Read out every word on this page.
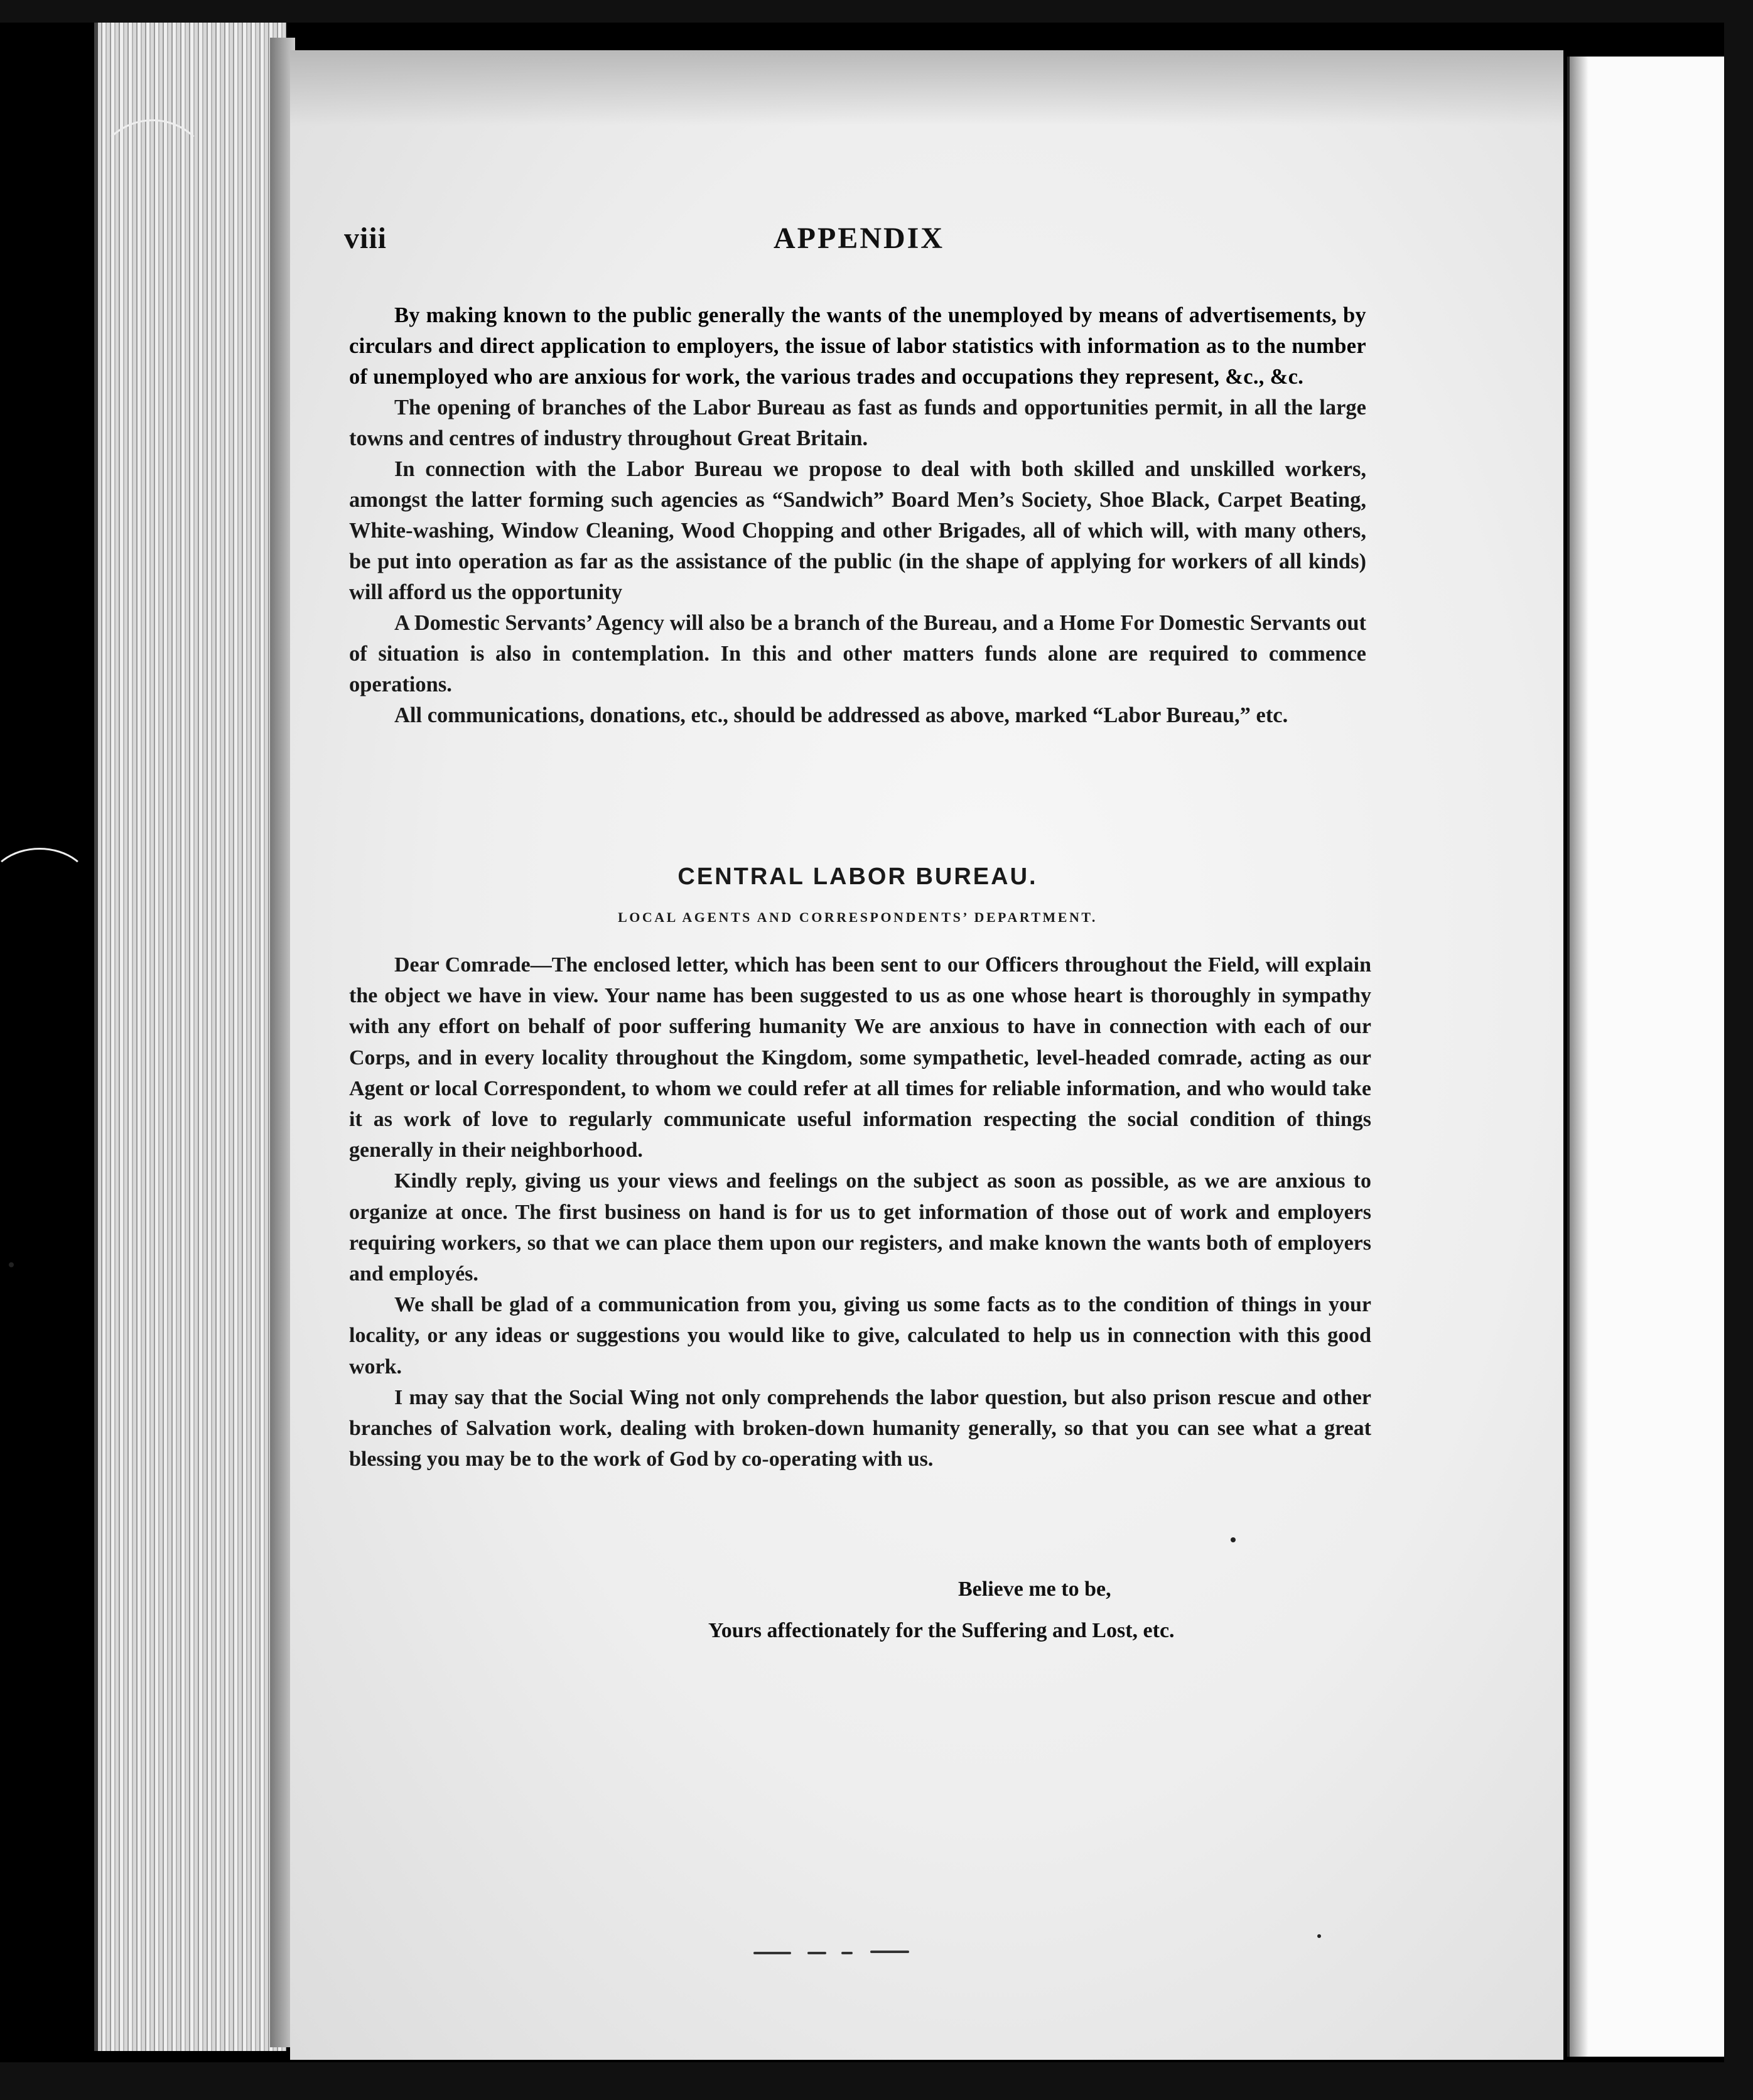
viii	APPENDIX

By making known to the public generally the wants of the unemployed by means of advertisements, by circulars and direct application to employers, the issue of labor statistics with information as to the number of unemployed who are anxious for work, the various trades and occupations they represent, &c., &c.

The opening of branches of the Labor Bureau as fast as funds and opportunities permit, in all the large towns and centres of industry throughout Great Britain.

In connection with the Labor Bureau we propose to deal with both skilled and unskilled workers, amongst the latter forming such agencies as “Sandwich” Board Men’s Society, Shoe Black, Carpet Beating, White-washing, Window Cleaning, Wood Chopping and other Brigades, all of which will, with many others, be put into operation as far as the assistance of the public (in the shape of applying for workers of all kinds) will afford us the opportunity

A Domestic Servants’ Agency will also be a branch of the Bureau, and a Home For Domestic Servants out of situation is also in contemplation. In this and other matters funds alone are required to commence operations.

All communications, donations, etc., should be addressed as above, marked “Labor Bureau,” etc.

CENTRAL LABOR BUREAU.

LOCAL AGENTS AND CORRESPONDENTS’ DEPARTMENT.

Dear Comrade—The enclosed letter, which has been sent to our Officers throughout the Field, will explain the object we have in view. Your name has been suggested to us as one whose heart is thoroughly in sympathy with any effort on behalf of poor suffering humanity We are anxious to have in connection with each of our Corps, and in every locality throughout the Kingdom, some sympathetic, level-headed comrade, acting as our Agent or local Correspondent, to whom we could refer at all times for reliable information, and who would take it as work of love to regularly communicate useful information respecting the social condition of things generally in their neighborhood.

Kindly reply, giving us your views and feelings on the subject as soon as possible, as we are anxious to organize at once. The first business on hand is for us to get information of those out of work and employers requiring workers, so that we can place them upon our registers, and make known the wants both of employers and employés.

We shall be glad of a communication from you, giving us some facts as to the condition of things in your locality, or any ideas or suggestions you would like to give, calculated to help us in connection with this good work.

I may say that the Social Wing not only comprehends the labor question, but also prison rescue and other branches of Salvation work, dealing with broken-down humanity generally, so that you can see what a great blessing you may be to the work of God by co-operating with us.

Believe me to be,
Yours affectionately for the Suffering and Lost, etc.
